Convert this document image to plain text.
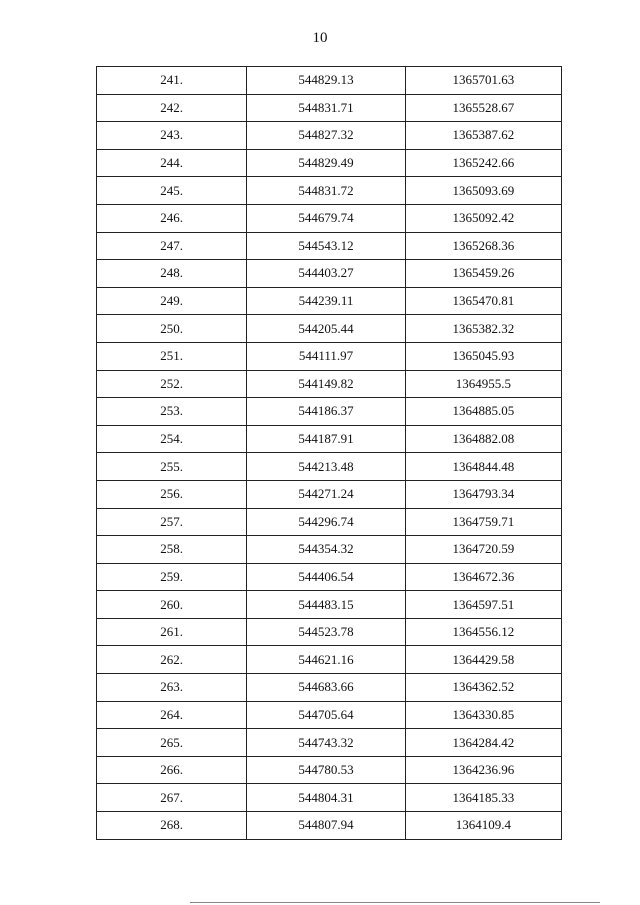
10
241.	544829.13	1365701.63
242.	544831.71	1365528.67
243.	544827.32	1365387.62
244.	544829.49	1365242.66
245.	544831.72	1365093.69
246.	544679.74	1365092.42
247.	544543.12	1365268.36
248.	544403.27	1365459.26
249.	544239.11	1365470.81
250.	544205.44	1365382.32
251.	544111.97	1365045.93
252.	544149.82	1364955.5
253.	544186.37	1364885.05
254.	544187.91	1364882.08
255.	544213.48	1364844.48
256.	544271.24	1364793.34
257.	544296.74	1364759.71
258.	544354.32	1364720.59
259.	544406.54	1364672.36
260.	544483.15	1364597.51
261.	544523.78	1364556.12
262.	544621.16	1364429.58
263.	544683.66	1364362.52
264.	544705.64	1364330.85
265.	544743.32	1364284.42
266.	544780.53	1364236.96
267.	544804.31	1364185.33
268.	544807.94	1364109.4
